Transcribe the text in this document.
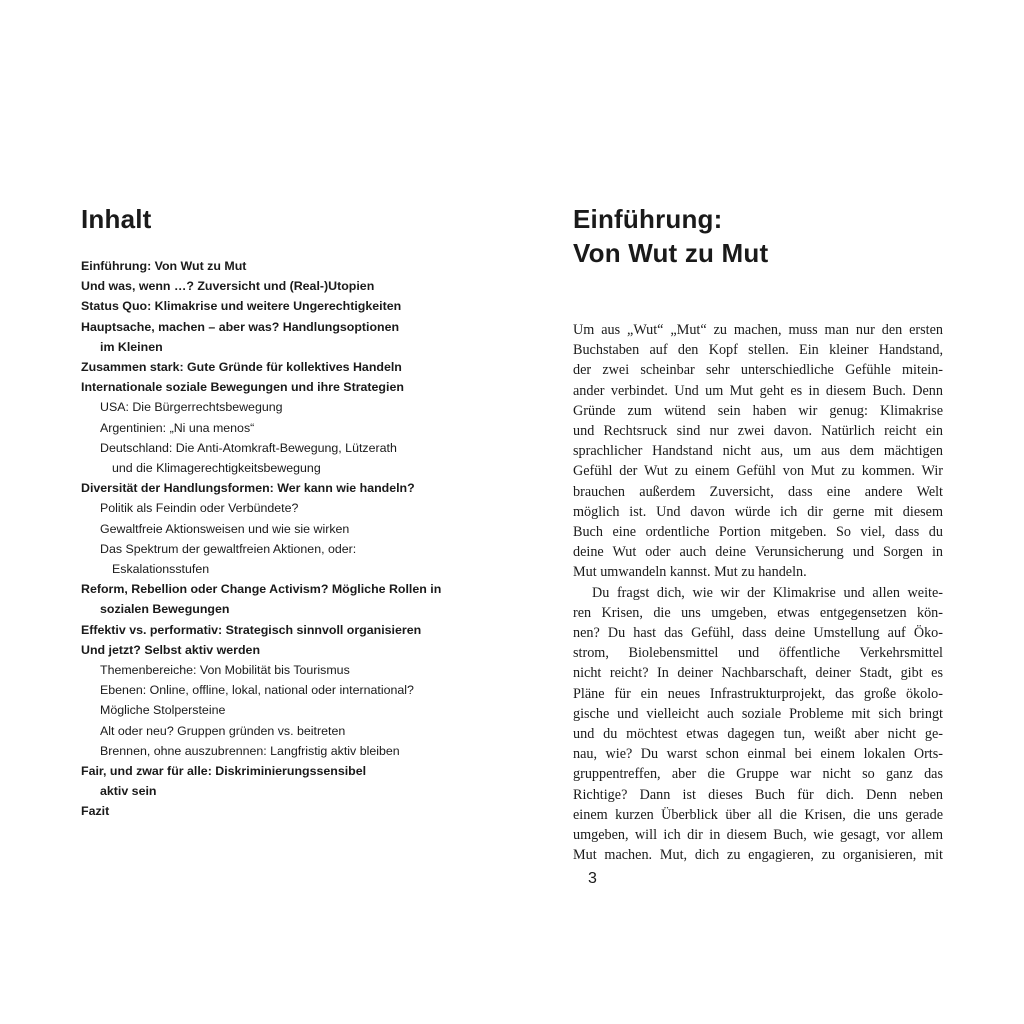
Inhalt
Einführung: Von Wut zu Mut
Und was, wenn …? Zuversicht und (Real-)Utopien
Status Quo: Klimakrise und weitere Ungerechtigkeiten
Hauptsache, machen – aber was? Handlungsoptionen
im Kleinen
Zusammen stark: Gute Gründe für kollektives Handeln
Internationale soziale Bewegungen und ihre Strategien
USA: Die Bürgerrechtsbewegung
Argentinien: „Ni una menos“
Deutschland: Die Anti-Atomkraft-Bewegung, Lützerath
und die Klimagerechtigkeitsbewegung
Diversität der Handlungsformen: Wer kann wie handeln?
Politik als Feindin oder Verbündete?
Gewaltfreie Aktionsweisen und wie sie wirken
Das Spektrum der gewaltfreien Aktionen, oder:
Eskalationsstufen
Reform, Rebellion oder Change Activism? Mögliche Rollen in
sozialen Bewegungen
Effektiv vs. performativ: Strategisch sinnvoll organisieren
Und jetzt? Selbst aktiv werden
Themenbereiche: Von Mobilität bis Tourismus
Ebenen: Online, offline, lokal, national oder international?
Mögliche Stolpersteine
Alt oder neu? Gruppen gründen vs. beitreten
Brennen, ohne auszubrennen: Langfristig aktiv bleiben
Fair, und zwar für alle: Diskriminierungssensibel
aktiv sein
Fazit
Einführung:
Von Wut zu Mut
Um aus „Wut“ „Mut“ zu machen, muss man nur den ersten
Buchstaben auf den Kopf stellen. Ein kleiner Handstand,
der zwei scheinbar sehr unterschiedliche Gefühle mitein-
ander verbindet. Und um Mut geht es in diesem Buch. Denn
Gründe zum wütend sein haben wir genug: Klimakrise
und Rechtsruck sind nur zwei davon. Natürlich reicht ein
sprachlicher Handstand nicht aus, um aus dem mächtigen
Gefühl der Wut zu einem Gefühl von Mut zu kommen. Wir
brauchen außerdem Zuversicht, dass eine andere Welt
möglich ist. Und davon würde ich dir gerne mit diesem
Buch eine ordentliche Portion mitgeben. So viel, dass du
deine Wut oder auch deine Verunsicherung und Sorgen in
Mut umwandeln kannst. Mut zu handeln.
Du fragst dich, wie wir der Klimakrise und allen weite-
ren Krisen, die uns umgeben, etwas entgegensetzen kön-
nen? Du hast das Gefühl, dass deine Umstellung auf Öko-
strom, Biolebensmittel und öffentliche Verkehrsmittel
nicht reicht? In deiner Nachbarschaft, deiner Stadt, gibt es
Pläne für ein neues Infrastrukturprojekt, das große ökolo-
gische und vielleicht auch soziale Probleme mit sich bringt
und du möchtest etwas dagegen tun, weißt aber nicht ge-
nau, wie? Du warst schon einmal bei einem lokalen Orts-
gruppentreffen, aber die Gruppe war nicht so ganz das
Richtige? Dann ist dieses Buch für dich. Denn neben
einem kurzen Überblick über all die Krisen, die uns gerade
umgeben, will ich dir in diesem Buch, wie gesagt, vor allem
Mut machen. Mut, dich zu engagieren, zu organisieren, mit
3
